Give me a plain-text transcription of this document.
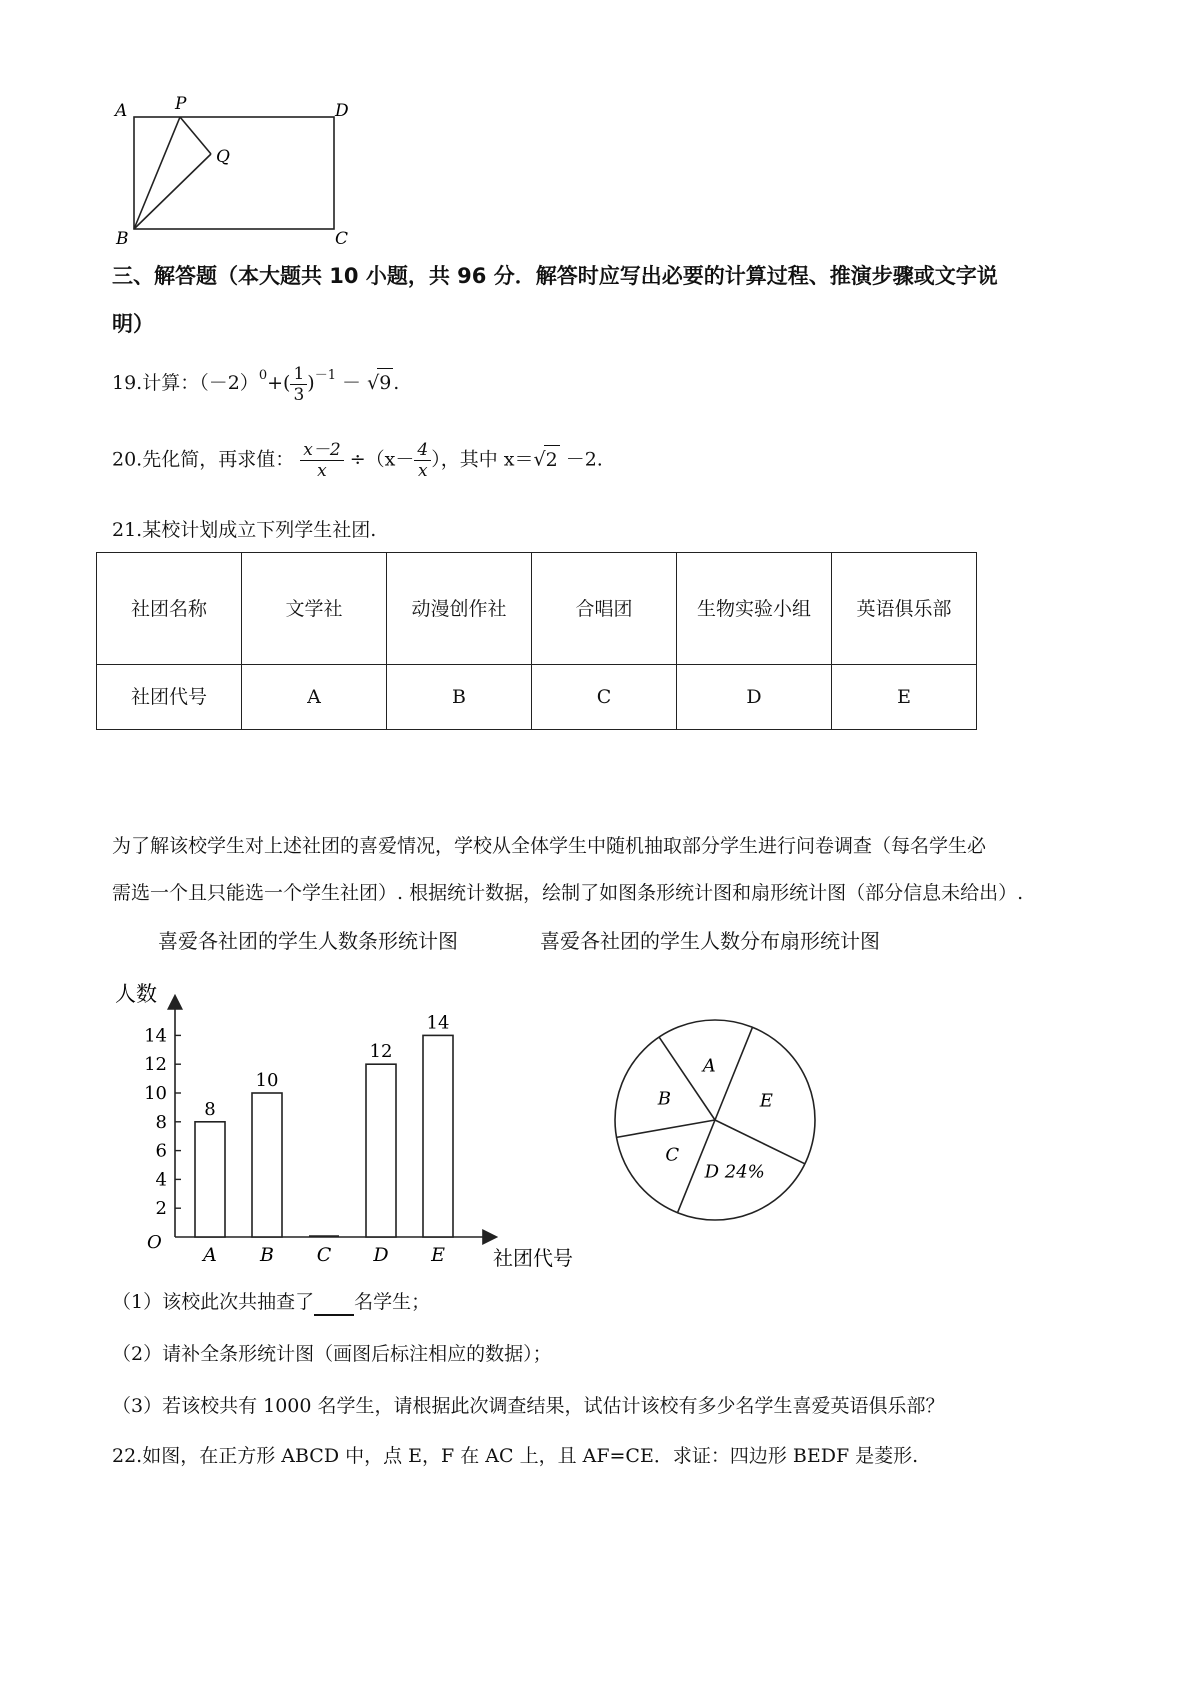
A	P	D
Q
B	C
三、解答题（本大题共 10 小题，共 96 分．解答时应写出必要的计算过程、推演步骤或文字说
明）
19.计算：$(-2)^0+( \frac{1}{3} )^{-1} - √9$ .
20.先化简，再求值： $\frac{x-2}{x} \div(x- \frac{4}{x}$ ），其中 x＝√2 －2.
21.某校计划成立下列学生社团.
社团名称	文学社	动漫创作社	合唱团	生物实验小组	英语俱乐部
社团代号	A	B	C	D	E
为了解该校学生对上述社团的喜爱情况，学校从全体学生中随机抽取部分学生进行问卷调查（每名学生必
需选一个且只能选一个学生社团）. 根据统计数据，绘制了如图条形统计图和扇形统计图（部分信息未给出）.
喜爱各社团的学生人数条形统计图	喜爱各社团的学生人数分布扇形统计图
人数
社团代号
O
2
4
6
8
10
12
14
8
A
10
B C
12
D
14
E
A
E
D 24%
C
B
（1）该校此次共抽查了 名学生；
（2）请补全条形统计图（画图后标注相应的数据）；
（3）若该校共有 1000 名学生，请根据此次调查结果，试估计该校有多少名学生喜爱英语俱乐部？
22.如图，在正方形 ABCD 中，点 E，F 在 AC 上，且 AF=CE．求证：四边形 BEDF 是菱形.
